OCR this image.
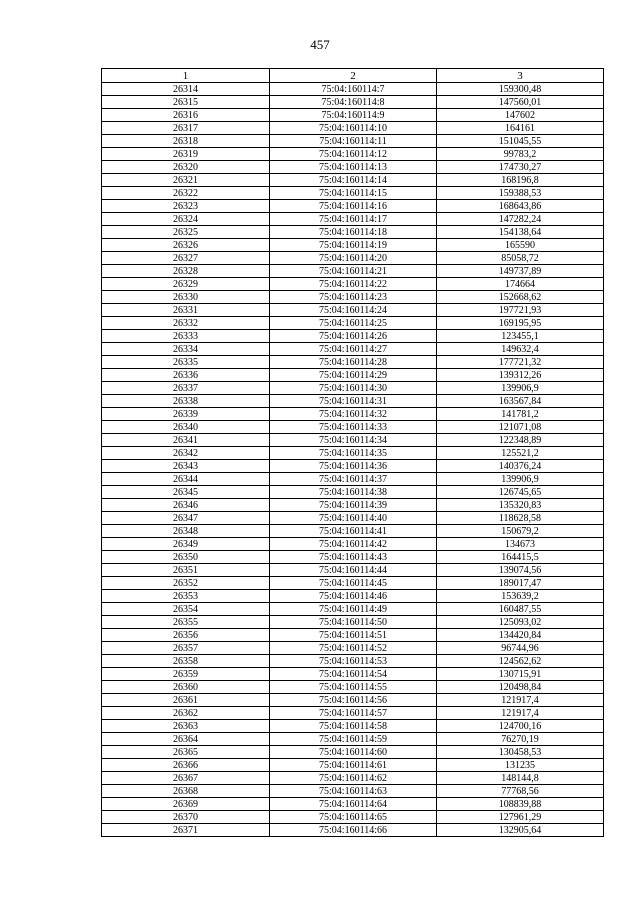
457
1	2	3
26314	75:04:160114:7	159300,48
26315	75:04:160114:8	147560,01
26316	75:04:160114:9	147602
26317	75:04:160114:10	164161
26318	75:04:160114:11	151045,55
26319	75:04:160114:12	99783,2
26320	75:04:160114:13	174730,27
26321	75:04:160114:14	168196,8
26322	75:04:160114:15	159388,53
26323	75:04:160114:16	168643,86
26324	75:04:160114:17	147282,24
26325	75:04:160114:18	154138,64
26326	75:04:160114:19	165590
26327	75:04:160114:20	85058,72
26328	75:04:160114:21	149737,89
26329	75:04:160114:22	174664
26330	75:04:160114:23	152668,62
26331	75:04:160114:24	197721,93
26332	75:04:160114:25	169195,95
26333	75:04:160114:26	123455,1
26334	75:04:160114:27	149632,4
26335	75:04:160114:28	177721,32
26336	75:04:160114:29	139312,26
26337	75:04:160114:30	139906,9
26338	75:04:160114:31	163567,84
26339	75:04:160114:32	141781,2
26340	75:04:160114:33	121071,08
26341	75:04:160114:34	122348,89
26342	75:04:160114:35	125521,2
26343	75:04:160114:36	140376,24
26344	75:04:160114:37	139906,9
26345	75:04:160114:38	126745,65
26346	75:04:160114:39	135320,83
26347	75:04:160114:40	118628,58
26348	75:04:160114:41	150679,2
26349	75:04:160114:42	134673
26350	75:04:160114:43	164415,5
26351	75:04:160114:44	139074,56
26352	75:04:160114:45	189017,47
26353	75:04:160114:46	153639,2
26354	75:04:160114:49	160487,55
26355	75:04:160114:50	125093,02
26356	75:04:160114:51	134420,84
26357	75:04:160114:52	96744,96
26358	75:04:160114:53	124562,62
26359	75:04:160114:54	130715,91
26360	75:04:160114:55	120498,84
26361	75:04:160114:56	121917,4
26362	75:04:160114:57	121917,4
26363	75:04:160114:58	124700,16
26364	75:04:160114:59	76270,19
26365	75:04:160114:60	130458,53
26366	75:04:160114:61	131235
26367	75:04:160114:62	148144,8
26368	75:04:160114:63	77768,56
26369	75:04:160114:64	108839,88
26370	75:04:160114:65	127961,29
26371	75:04:160114:66	132905,64
